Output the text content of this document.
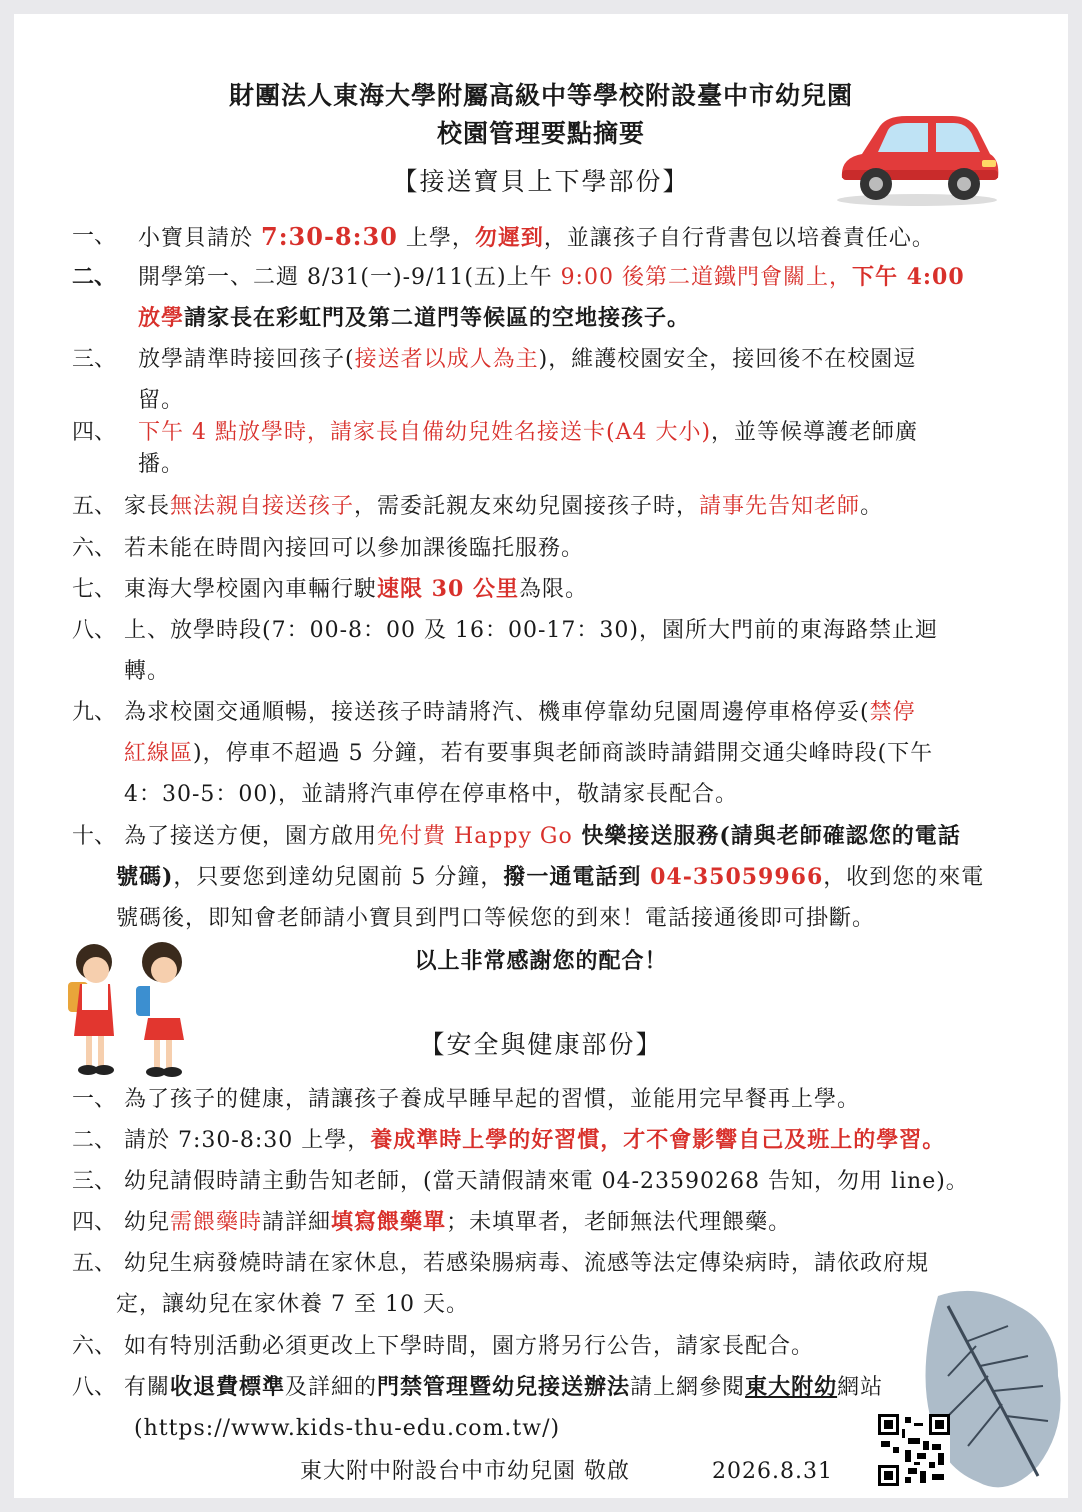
財團法人東海大學附屬高級中等學校附設臺中市幼兒園
校園管理要點摘要
【接送寶貝上下學部份】
一、 小寶貝請於 7:30-8:30 上學，勿遲到，並讓孩子自行背書包以培養責任心。
二、 開學第一、二週 8/31(一)-9/11(五)上午 9:00 後第二道鐵門會關上，下午 4:00
放學請家長在彩虹門及第二道門等候區的空地接孩子。
三、 放學請準時接回孩子(接送者以成人為主)，維護校園安全，接回後不在校園逗
留。
四、 下午 4 點放學時，請家長自備幼兒姓名接送卡(A4 大小)，並等候導護老師廣
播。
五、 家長無法親自接送孩子，需委託親友來幼兒園接孩子時，請事先告知老師。
六、 若未能在時間內接回可以參加課後臨托服務。
七、 東海大學校園內車輛行駛速限 30 公里為限。
八、 上、放學時段(7：00-8：00 及 16：00-17：30)，園所大門前的東海路禁止迴
轉。
九、 為求校園交通順暢，接送孩子時請將汽、機車停靠幼兒園周邊停車格停妥(禁停
紅線區)，停車不超過 5 分鐘，若有要事與老師商談時請錯開交通尖峰時段(下午
4：30-5：00)，並請將汽車停在停車格中，敬請家長配合。
十、 為了接送方便，園方啟用免付費 Happy Go 快樂接送服務(請與老師確認您的電話
號碼)，只要您到達幼兒園前 5 分鐘，撥一通電話到 04-35059966，收到您的來電
號碼後，即知會老師請小寶貝到門口等候您的到來！電話接通後即可掛斷。
以上非常感謝您的配合！
【安全與健康部份】
一、 為了孩子的健康，請讓孩子養成早睡早起的習慣，並能用完早餐再上學。
二、 請於 7:30-8:30 上學，養成準時上學的好習慣，才不會影響自己及班上的學習。
三、 幼兒請假時請主動告知老師，(當天請假請來電 04-23590268 告知，勿用 line)。
四、 幼兒需餵藥時請詳細填寫餵藥單；未填單者，老師無法代理餵藥。
五、 幼兒生病發燒時請在家休息，若感染腸病毒、流感等法定傳染病時，請依政府規
定，讓幼兒在家休養 7 至 10 天。
六、 如有特別活動必須更改上下學時間，園方將另行公告，請家長配合。
八、 有關收退費標準及詳細的門禁管理暨幼兒接送辦法請上網參閱東大附幼網站
(https://www.kids-thu-edu.com.tw/)
東大附中附設台中市幼兒園 敬啟	2026.8.31
